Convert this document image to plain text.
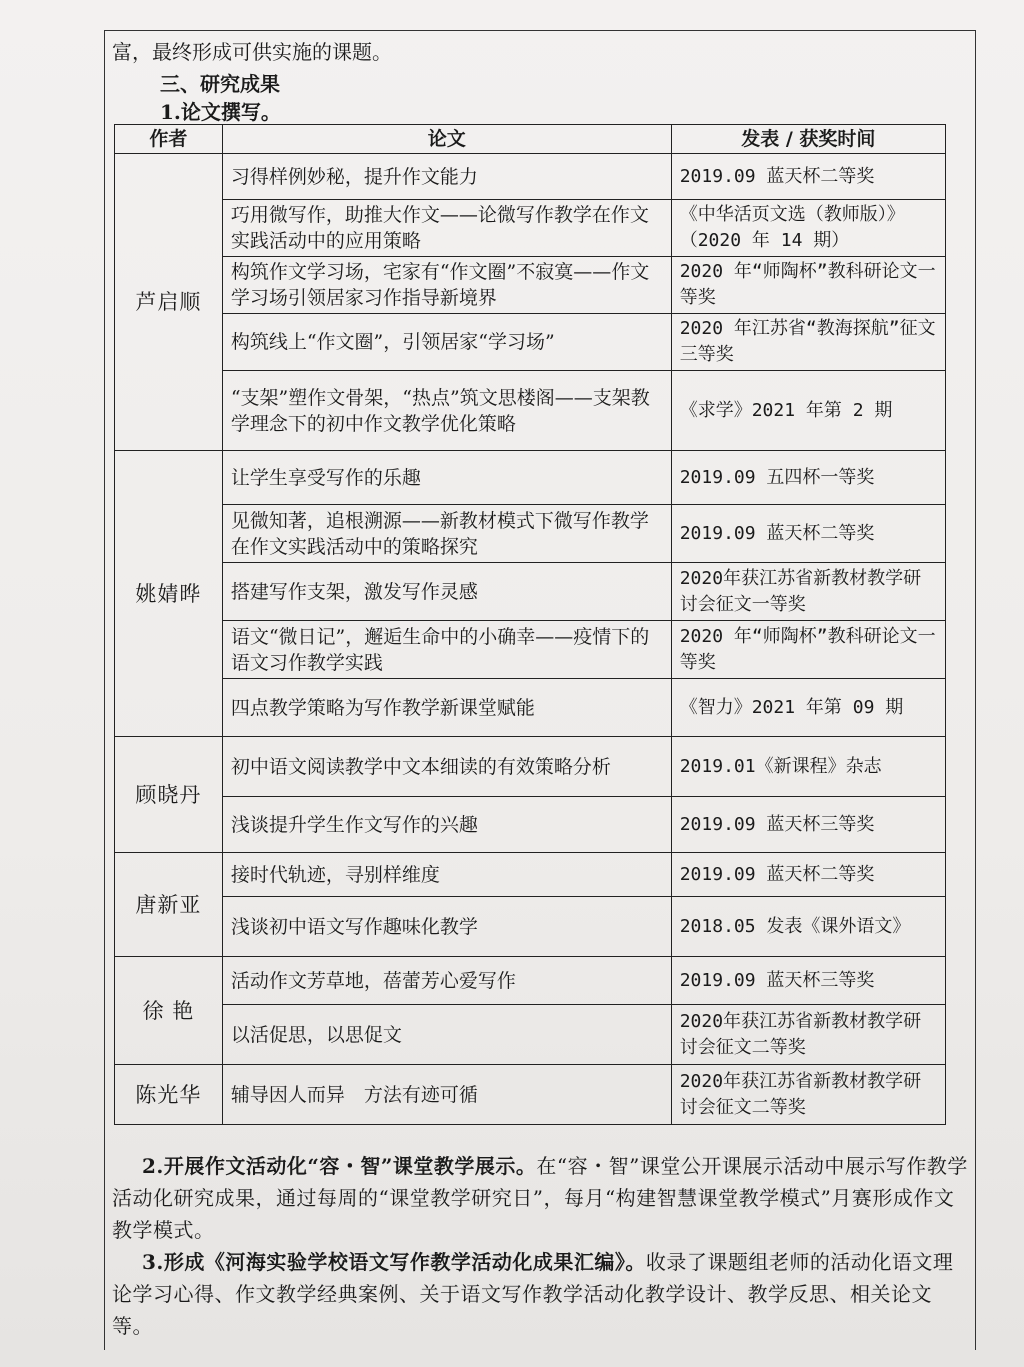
富，最终形成可供实施的课题。
三、研究成果
1.论文撰写。
作者	论文	发表 / 获奖时间
芦启顺	习得样例妙秘，提升作文能力	2019.09 蓝天杯二等奖
	巧用微写作，助推大作文——论微写作教学在作文实践活动中的应用策略	《中华活页文选（教师版）》（2020 年 14 期）
	构筑作文学习场，宅家有“作文圈”不寂寞——作文学习场引领居家习作指导新境界	2020 年“师陶杯”教科研论文一等奖
	构筑线上“作文圈”，引领居家“学习场”	2020 年江苏省“教海探航”征文三等奖
	“支架”塑作文骨架，“热点”筑文思楼阁——支架教学理念下的初中作文教学优化策略	《求学》2021 年第 2 期
姚婧晔	让学生享受写作的乐趣	2019.09 五四杯一等奖
	见微知著，追根溯源——新教材模式下微写作教学在作文实践活动中的策略探究	2019.09 蓝天杯二等奖
	搭建写作支架，激发写作灵感	2020年获江苏省新教材教学研讨会征文一等奖
	语文“微日记”，邂逅生命中的小确幸——疫情下的语文习作教学实践	2020 年“师陶杯”教科研论文一等奖
	四点教学策略为写作教学新课堂赋能	《智力》2021 年第 09 期
顾晓丹	初中语文阅读教学中文本细读的有效策略分析	2019.01《新课程》杂志
	浅谈提升学生作文写作的兴趣	2019.09 蓝天杯三等奖
唐新亚	接时代轨迹，寻别样维度	2019.09 蓝天杯二等奖
	浅谈初中语文写作趣味化教学	2018.05 发表《课外语文》
徐 艳	活动作文芳草地，蓓蕾芳心爱写作	2019.09 蓝天杯三等奖
	以活促思，以思促文	2020年获江苏省新教材教学研讨会征文二等奖
陈光华	辅导因人而异　方法有迹可循	2020年获江苏省新教材教学研讨会征文二等奖
2.开展作文活动化“容・智”课堂教学展示。在“容・智”课堂公开课展示活动中展示写作教学活动化研究成果，通过每周的“课堂教学研究日”，每月“构建智慧课堂教学模式”月赛形成作文教学模式。
3.形成《河海实验学校语文写作教学活动化成果汇编》。收录了课题组老师的活动化语文理论学习心得、作文教学经典案例、关于语文写作教学活动化教学设计、教学反思、相关论文等。
